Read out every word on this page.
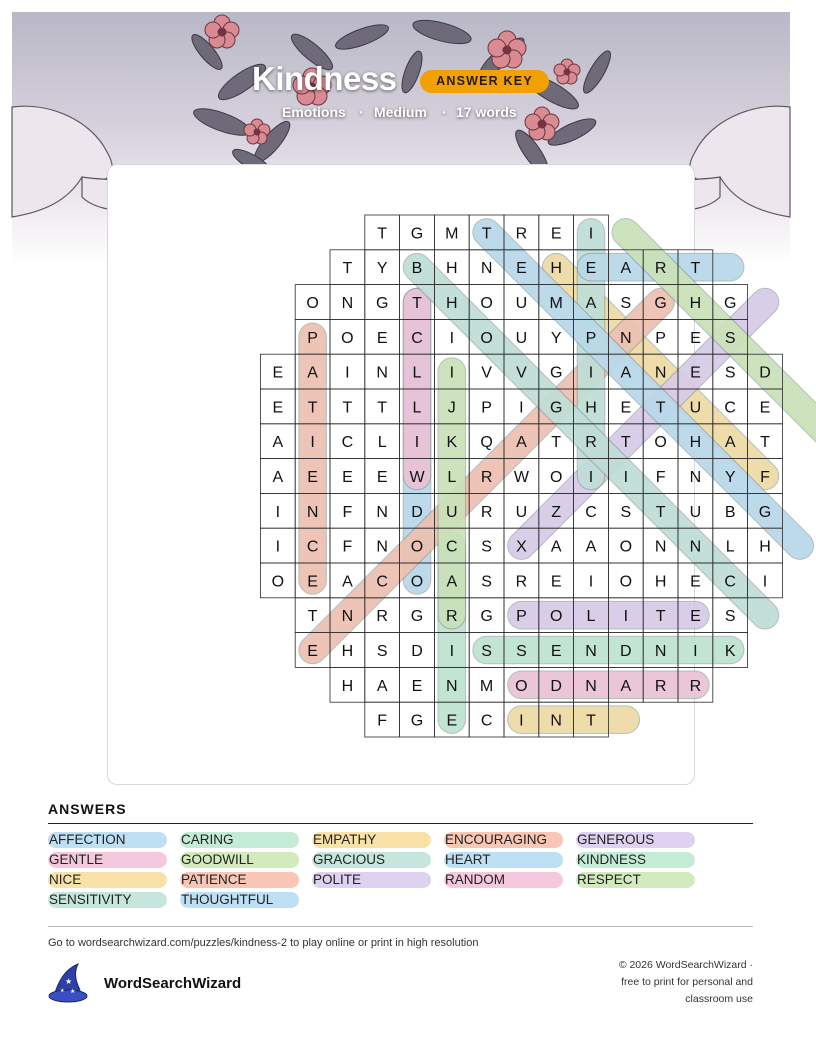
Kindness	ANSWER KEY
Emotions · Medium · 17 words
T G M T R E I
T Y B H N E H E A R T
O N G T H O U M A S G H G
P O E C I O U Y P N P E S
E A I N L I V V G I A N E S D
E T T T L J P I G H E T U C E
A I C L I K Q A T R T O H A T
A E E E W L R W O I I F N Y F
I N F N D U R U Z C S T U B G
I C F N O C S X A A O N N L H
O E A C O A S R E I O H E C I
T N R G R G P O L I T E S
E H S D I S S E N D N I K
H A E N M O D N A R R
F G E C I N T
ANSWERS
AFFECTION	CARING	EMPATHY	ENCOURAGING	GENEROUS
GENTLE	GOODWILL	GRACIOUS	HEART	KINDNESS
NICE	PATIENCE	POLITE	RANDOM	RESPECT
SENSITIVITY	THOUGHTFUL
Go to wordsearchwizard.com/puzzles/kindness-2 to play online or print in high resolution
★
★
★	WordSearchWizard
© 2026 WordSearchWizard ·
free to print for personal and
classroom use
